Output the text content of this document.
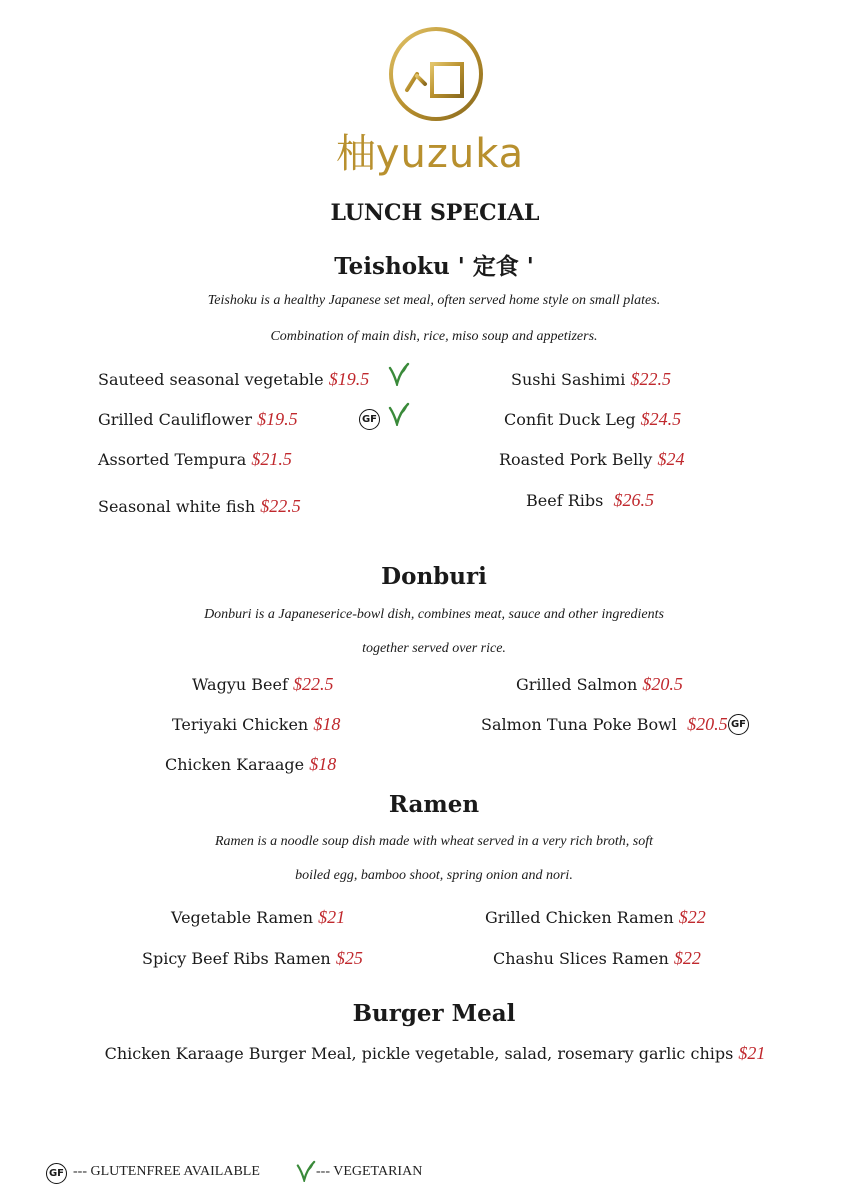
柚yuzuka
LUNCH SPECIAL
Teishoku ' 定食 '
Teishoku is a healthy Japanese set meal, often served home style on small plates.
Combination of main dish, rice, miso soup and appetizers.
Sauteed seasonal vegetable $19.5
Grilled Cauliflower $19.5	GF
Assorted Tempura $21.5
Seasonal white fish $22.5
Sushi Sashimi $22.5
Confit Duck Leg $24.5
Roasted Pork Belly $24
Beef Ribs $26.5
Donburi
Donburi is a Japaneserice-bowl dish, combines meat, sauce and other ingredients
together served over rice.
Wagyu Beef $22.5
Teriyaki Chicken $18
Chicken Karaage $18
Grilled Salmon $20.5
Salmon Tuna Poke Bowl $20.5 GF
Ramen
Ramen is a noodle soup dish made with wheat served in a very rich broth, soft
boiled egg, bamboo shoot, spring onion and nori.
Vegetable Ramen $21
Spicy Beef Ribs Ramen $25
Grilled Chicken Ramen $22
Chashu Slices Ramen $22
Burger Meal
Chicken Karaage Burger Meal, pickle vegetable, salad, rosemary garlic chips $21
GF --- GLUTENFREE AVAILABLE	--- VEGETARIAN
